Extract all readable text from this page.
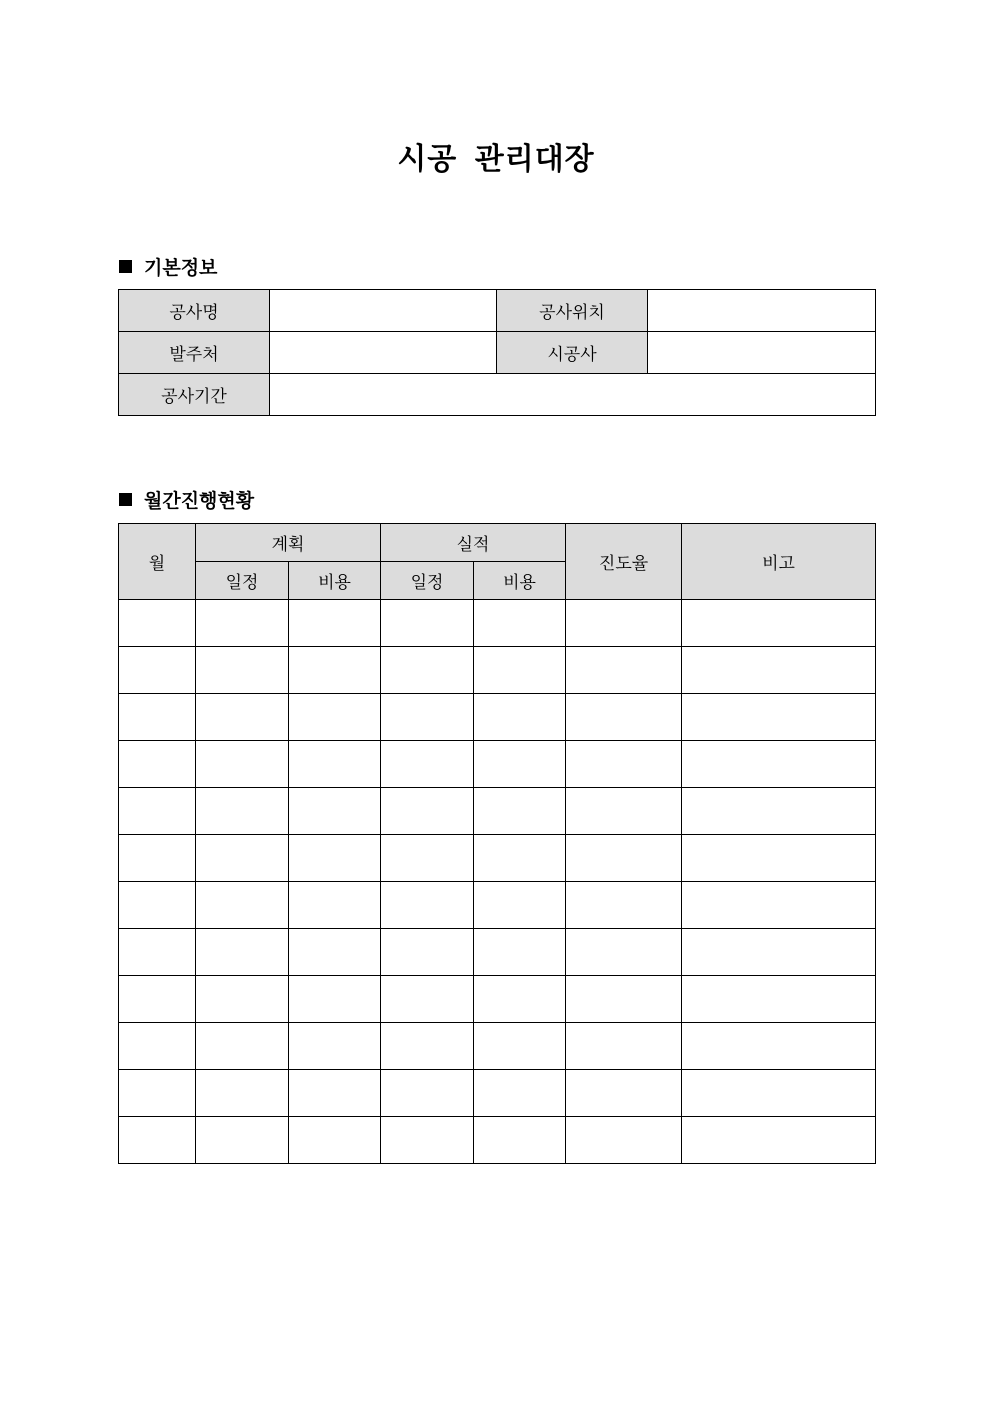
시공 관리대장
기본정보
공사명		공사위치	
발주처		시공사	
공사기간			
월간진행현황
월	계획		실적		진도율	비고
	일정	비용	일정	비용		
